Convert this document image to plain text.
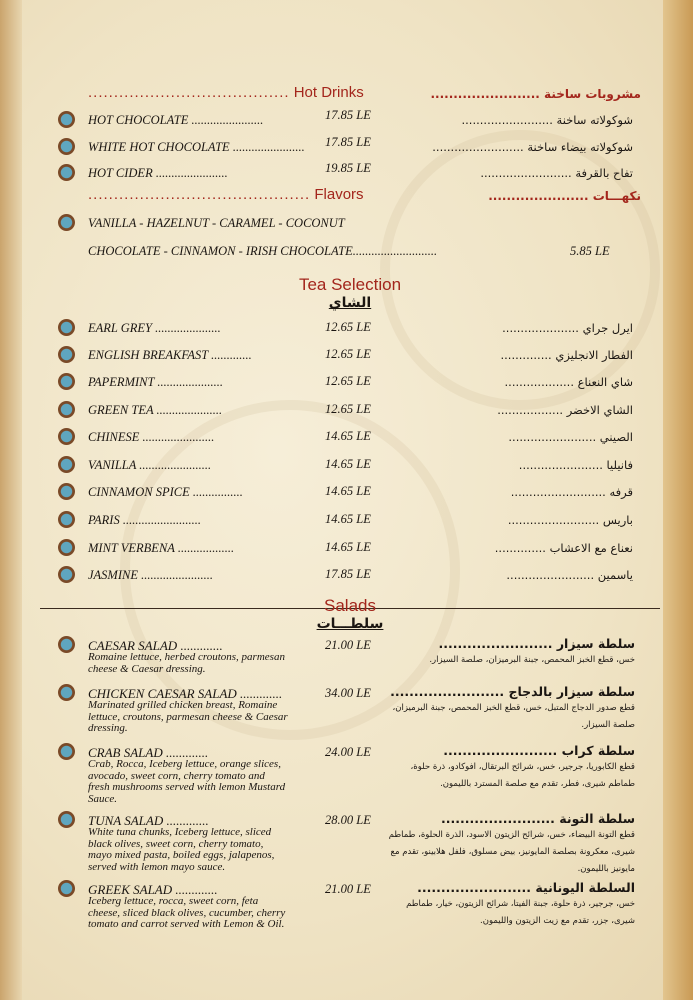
....................................... Hot Drinks	مشروبات ساخنة ........................
HOT CHOCOLATE .......................	17.85 LE	شوكولاته ساخنة .........................
WHITE HOT CHOCOLATE ....................... 17.85 LE	شوكولاته بيضاء ساخنة .........................
HOT CIDER .......................	19.85 LE	تفاح بالقرفة .........................
........................................... Flavors	نكهـــات ......................
VANILLA - HAZELNUT - CARAMEL - COCONUT
CHOCOLATE - CINNAMON - IRISH CHOCOLATE...........................	5.85 LE
Tea Selection
الشاي
EARL GREY .....................	12.65 LE	ايرل جراي .....................
ENGLISH BREAKFAST .............	12.65 LE	الفطار الانجليزي ..............
PAPERMINT .....................	12.65 LE	شاي النعناع ...................
GREEN TEA .....................	12.65 LE	الشاي الاخضر ..................
CHINESE .......................	14.65 LE	الصيني ........................
VANILLA .......................	14.65 LE	فانيليا .......................
CINNAMON SPICE ................	14.65 LE	قرفه ..........................
PARIS .........................	14.65 LE	باريس .........................
MINT VERBENA ..................	14.65 LE	نعناع مع الاعشاب ..............
JASMINE .......................	17.85 LE	ياسمين ........................
Salads
سلطـــات
CAESAR SALAD .............
Romaine lettuce, herbed croutons, parmesan cheese & Caesar dressing.
21.00 LE	سلطة سيزار ........................
خس، قطع الخبز المحمص، جبنة البرميزان، صلصة السيزار.
CHICKEN CAESAR SALAD .............
Marinated grilled chicken breast, Romaine lettuce, croutons, parmesan cheese & Caesar dressing.
34.00 LE	سلطة سيزار بالدجاج ........................
قطع صدور الدجاج المتبل، خس، قطع الخبز المحمص، جبنة البرميزان، صلصة السيزار.
CRAB SALAD .............
Crab, Rocca, Iceberg lettuce, orange slices, avocado, sweet corn, cherry tomato and fresh mushrooms served with lemon Mustard Sauce.
24.00 LE	سلطة كراب ........................
قطع الكابوريا، جرجير، خس، شرائح البرتقال، افوكادو، ذرة حلوة، طماطم شيرى، فطر، تقدم مع صلصة المسترد بالليمون.
TUNA SALAD .............
White tuna chunks, Iceberg lettuce, sliced black olives, sweet corn, cherry tomato, mayo mixed pasta, boiled eggs, jalapenos, served with lemon mayo sauce.
28.00 LE	سلطة التونة ........................
قطع التونة البيضاء، خس، شرائح الزيتون الاسود، الذرة الحلوة، طماطم شيرى، معكرونة بصلصة المايونيز، بيض مسلوق، فلفل هلابينو، تقدم مع مايونيز بالليمون.
GREEK SALAD .............
Iceberg lettuce, rocca, sweet corn, feta cheese, sliced black olives, cucumber, cherry tomato and carrot served with Lemon & Oil.
21.00 LE	السلطة اليونانية ........................
خس، جرجير، ذرة حلوة، جبنة الفيتا، شرائح الزيتون، خيار، طماطم شيرى، جزر، تقدم مع زيت الزيتون والليمون.
